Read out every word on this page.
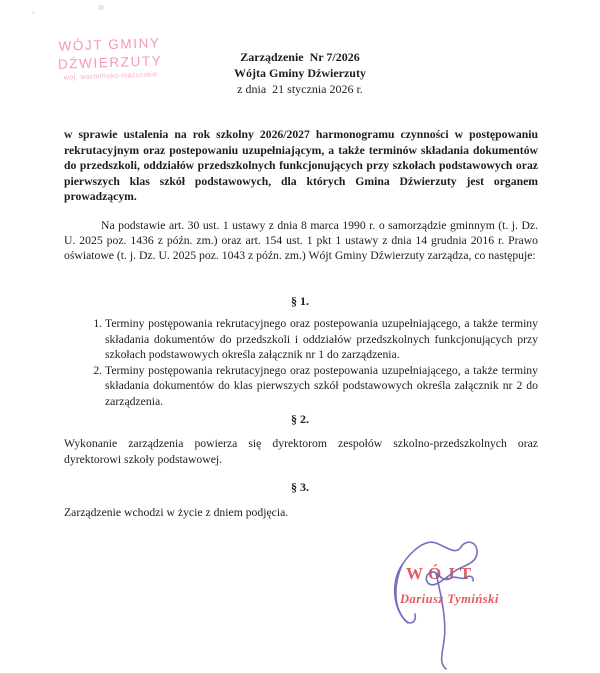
WÓJT GMINY
DŹWIERZUTY
woj. warmińsko-mazurskie
Zarządzenie  Nr 7/2026
Wójta Gminy Dźwierzuty
z dnia  21 stycznia 2026 r.
w sprawie ustalenia na rok szkolny 2026/2027 harmonogramu czynności w postępowaniu rekrutacyjnym oraz postepowaniu uzupełniającym, a także terminów składania dokumentów do przedszkoli, oddziałów przedszkolnych funkcjonujących przy szkołach podstawowych oraz pierwszych klas szkół podstawowych, dla których Gmina Dźwierzuty jest organem prowadzącym.
Na podstawie art. 30 ust. 1 ustawy z dnia 8 marca 1990 r. o samorządzie gminnym (t. j. Dz. U. 2025 poz. 1436 z późn. zm.) oraz art. 154 ust. 1 pkt 1 ustawy z dnia 14 grudnia 2016 r. Prawo oświatowe (t. j. Dz. U. 2025 poz. 1043 z późn. zm.) Wójt Gminy Dźwierzuty zarządza, co następuje:
§ 1.
1. Terminy postępowania rekrutacyjnego oraz postepowania uzupełniającego, a także terminy składania dokumentów do przedszkoli i oddziałów przedszkolnych funkcjonujących przy szkołach podstawowych określa załącznik nr 1 do zarządzenia.
2. Terminy postępowania rekrutacyjnego oraz postepowania uzupełniającego, a także terminy składania dokumentów do klas pierwszych szkół podstawowych określa załącznik nr 2 do zarządzenia.
§ 2.
Wykonanie zarządzenia powierza się dyrektorom zespołów szkolno-przedszkolnych oraz dyrektorowi szkoły podstawowej.
§ 3.
Zarządzenie wchodzi w życie z dniem podjęcia.
WÓJT
Dariusz Tymiński
